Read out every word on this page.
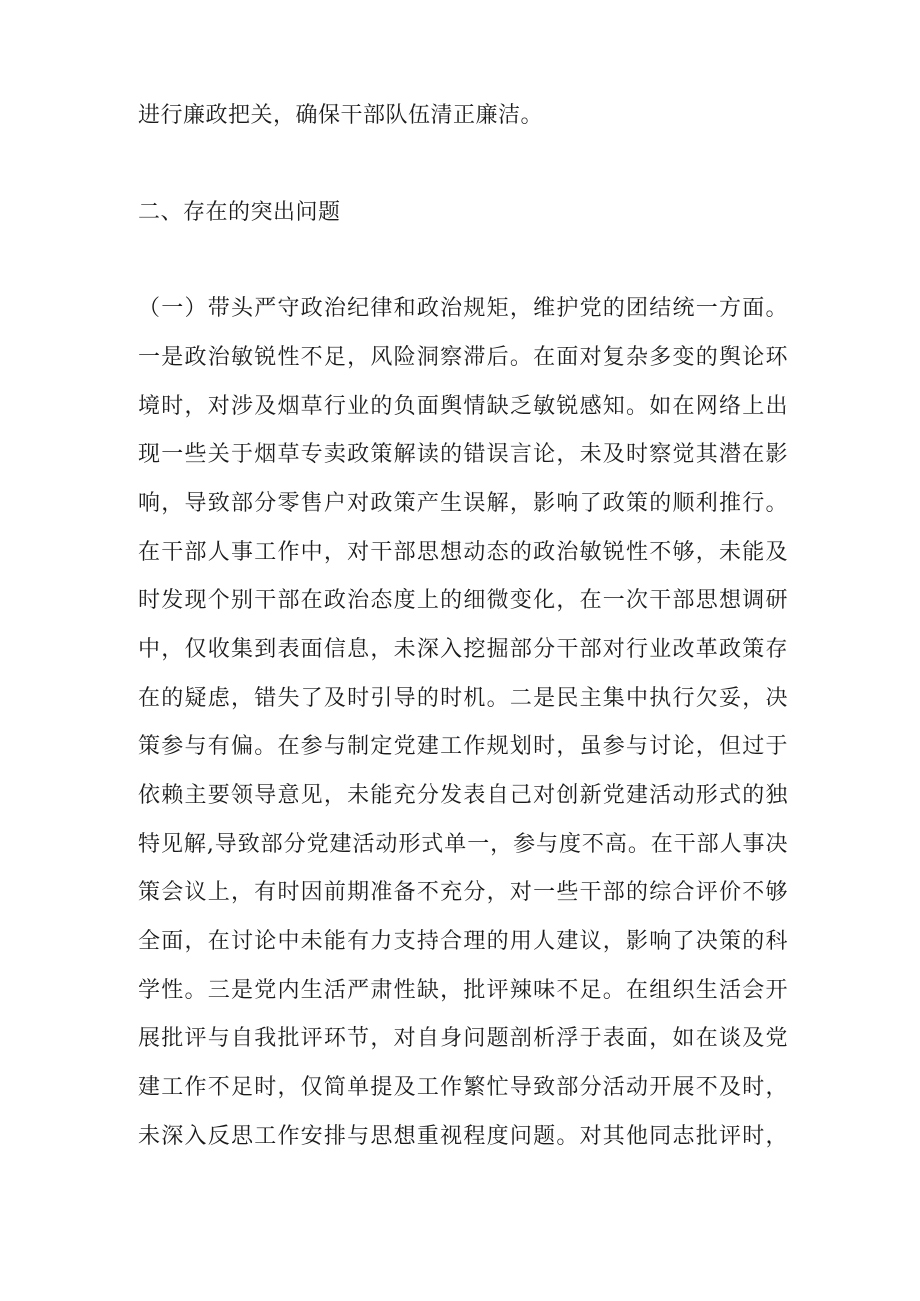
进行廉政把关，确保干部队伍清正廉洁。
二、存在的突出问题
（一）带头严守政治纪律和政治规矩，维护党的团结统一方面。
一是政治敏锐性不足，风险洞察滞后。在面对复杂多变的舆论环
境时，对涉及烟草行业的负面舆情缺乏敏锐感知。如在网络上出
现一些关于烟草专卖政策解读的错误言论，未及时察觉其潜在影
响，导致部分零售户对政策产生误解，影响了政策的顺利推行。
在干部人事工作中，对干部思想动态的政治敏锐性不够，未能及
时发现个别干部在政治态度上的细微变化，在一次干部思想调研
中，仅收集到表面信息，未深入挖掘部分干部对行业改革政策存
在的疑虑，错失了及时引导的时机。二是民主集中执行欠妥，决
策参与有偏。在参与制定党建工作规划时，虽参与讨论，但过于
依赖主要领导意见，未能充分发表自己对创新党建活动形式的独
特见解,导致部分党建活动形式单一，参与度不高。在干部人事决
策会议上，有时因前期准备不充分，对一些干部的综合评价不够
全面，在讨论中未能有力支持合理的用人建议，影响了决策的科
学性。三是党内生活严肃性缺，批评辣味不足。在组织生活会开
展批评与自我批评环节，对自身问题剖析浮于表面，如在谈及党
建工作不足时，仅简单提及工作繁忙导致部分活动开展不及时，
未深入反思工作安排与思想重视程度问题。对其他同志批评时，
